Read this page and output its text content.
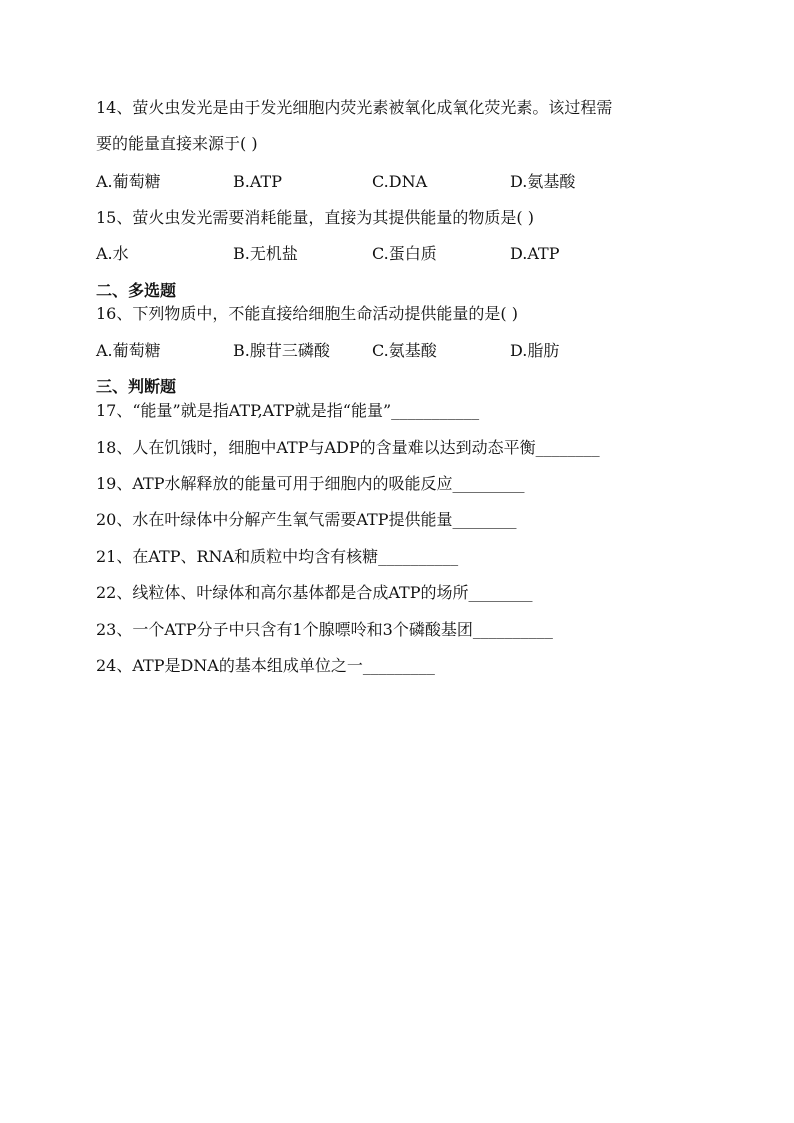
14、萤火虫发光是由于发光细胞内荧光素被氧化成氧化荧光素。该过程需
要的能量直接来源于( )
A.葡萄糖	B.ATP	C.DNA	D.氨基酸
15、萤火虫发光需要消耗能量，直接为其提供能量的物质是( )
A.水	B.无机盐	C.蛋白质	D.ATP
二、多选题
16、下列物质中，不能直接给细胞生命活动提供能量的是( )
A.葡萄糖	B.腺苷三磷酸	C.氨基酸	D.脂肪
三、判断题
17、“能量”就是指ATP,ATP就是指“能量”___________
18、人在饥饿时，细胞中ATP与ADP的含量难以达到动态平衡________
19、ATP水解释放的能量可用于细胞内的吸能反应_________
20、水在叶绿体中分解产生氧气需要ATP提供能量________
21、在ATP、RNA和质粒中均含有核糖__________
22、线粒体、叶绿体和高尔基体都是合成ATP的场所________
23、一个ATP分子中只含有1个腺嘌呤和3个磷酸基团__________
24、ATP是DNA的基本组成单位之一_________
